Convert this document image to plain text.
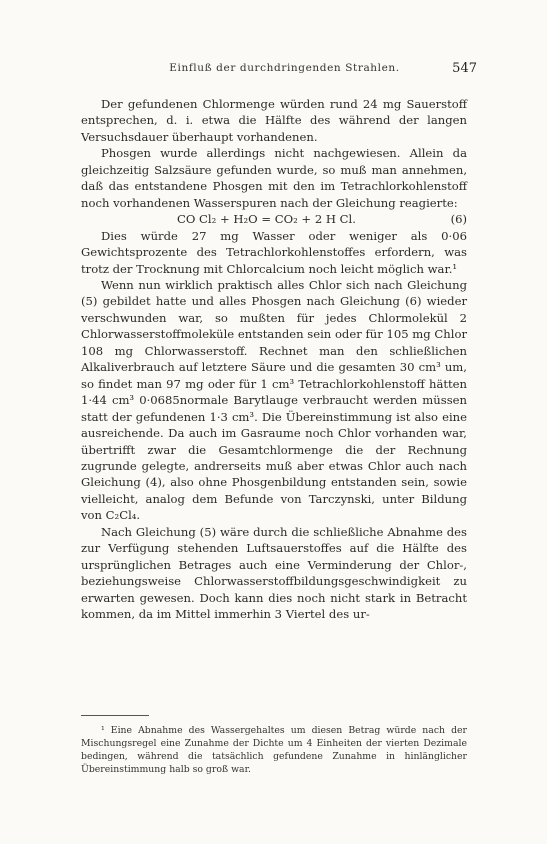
Einfluß der durchdringenden Strahlen.	547

Der gefundenen Chlormenge würden rund 24 mg Sauerstoff entsprechen, d. i. etwa die Hälfte des während der langen Versuchsdauer überhaupt vorhandenen.

Phosgen wurde allerdings nicht nachgewiesen. Allein da gleichzeitig Salzsäure gefunden wurde, so muß man annehmen, daß das entstandene Phosgen mit den im Tetrachlorkohlenstoff noch vorhandenen Wasserspuren nach der Gleichung reagierte:

CO Cl₂ + H₂O = CO₂ + 2 H Cl.	(6)

Dies würde 27 mg Wasser oder weniger als 0·06 Gewichtsprozente des Tetrachlorkohlenstoffes erfordern, was trotz der Trocknung mit Chlorcalcium noch leicht möglich war.¹

Wenn nun wirklich praktisch alles Chlor sich nach Gleichung (5) gebildet hatte und alles Phosgen nach Gleichung (6) wieder verschwunden war, so mußten für jedes Chlormolekül 2 Chlorwasserstoffmoleküle entstanden sein oder für 105 mg Chlor 108 mg Chlorwasserstoff. Rechnet man den schließlichen Alkaliverbrauch auf letztere Säure und die gesamten 30 cm³ um, so findet man 97 mg oder für 1 cm³ Tetrachlorkohlenstoff hätten 1·44 cm³ 0·0685normale Barytlauge verbraucht werden müssen statt der gefundenen 1·3 cm³. Die Übereinstimmung ist also eine ausreichende. Da auch im Gasraume noch Chlor vorhanden war, übertrifft zwar die Gesamtchlormenge die der Rechnung zugrunde gelegte, andrerseits muß aber etwas Chlor auch nach Gleichung (4), also ohne Phosgenbildung entstanden sein, sowie vielleicht, analog dem Befunde von Tarczynski, unter Bildung von C₂Cl₄.

Nach Gleichung (5) wäre durch die schließliche Abnahme des zur Verfügung stehenden Luftsauerstoffes auf die Hälfte des ursprünglichen Betrages auch eine Verminderung der Chlor-, beziehungsweise Chlorwasserstoffbildungsgeschwindigkeit zu erwarten gewesen. Doch kann dies noch nicht stark in Betracht kommen, da im Mittel immerhin 3 Viertel des ur-

¹ Eine Abnahme des Wassergehaltes um diesen Betrag würde nach der Mischungsregel eine Zunahme der Dichte um 4 Einheiten der vierten Dezimale bedingen, während die tatsächlich gefundene Zunahme in hinlänglicher Übereinstimmung halb so groß war.
